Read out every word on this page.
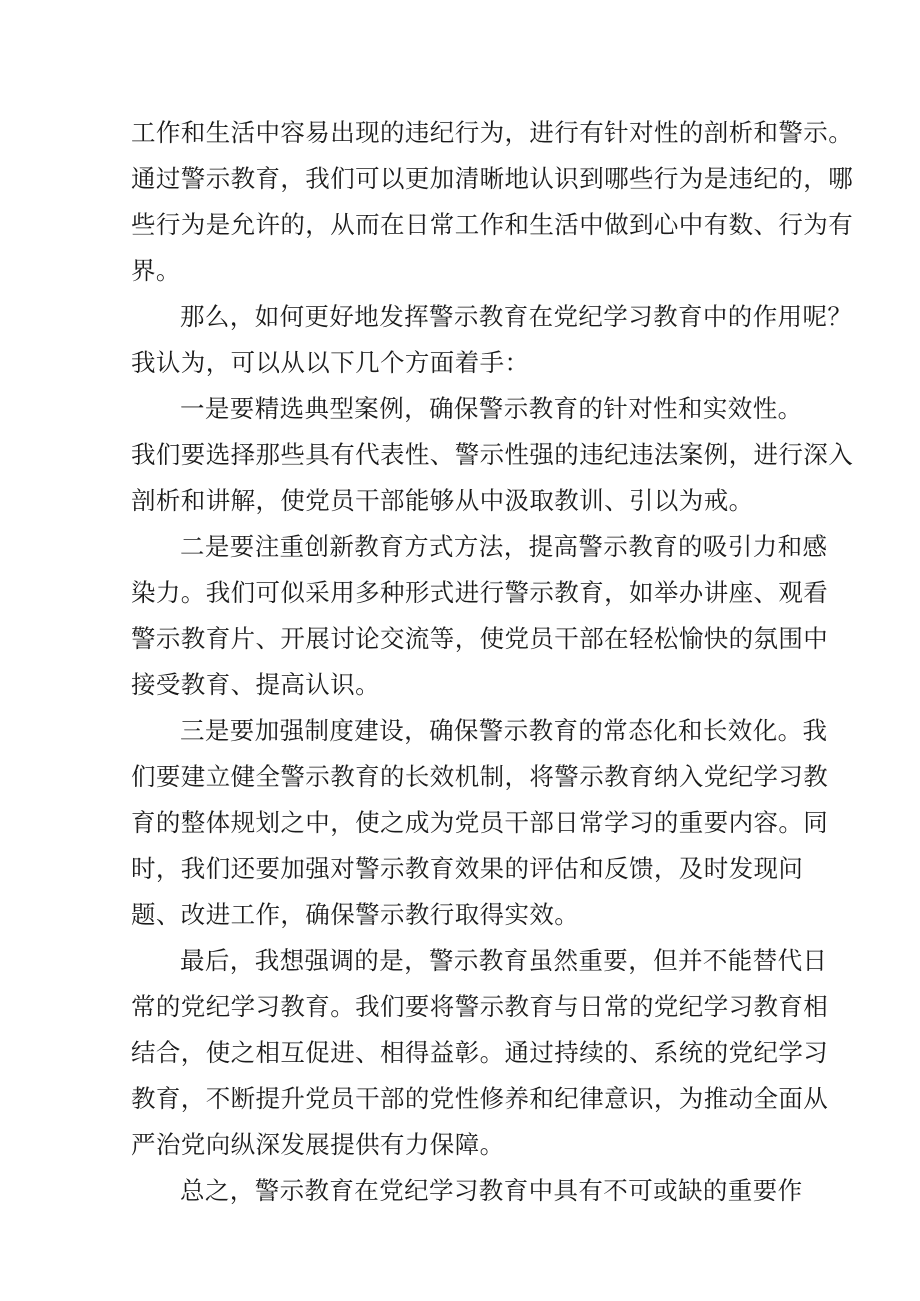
工作和生活中容易出现的违纪行为，进行有针对性的剖析和警示。
通过警示教育，我们可以更加清晰地认识到哪些行为是违纪的，哪
些行为是允许的，从而在日常工作和生活中做到心中有数、行为有
界。
那么，如何更好地发挥警示教育在党纪学习教育中的作用呢？
我认为，可以从以下几个方面着手：
一是要精选典型案例，确保警示教育的针对性和实效性。
我们要选择那些具有代表性、警示性强的违纪违法案例，进行深入
剖析和讲解，使党员干部能够从中汲取教训、引以为戒。
二是要注重创新教育方式方法，提高警示教育的吸引力和感
染力。我们可似采用多种形式进行警示教育，如举办讲座、观看
警示教育片、开展讨论交流等，使党员干部在轻松愉快的氛围中
接受教育、提高认识。
三是要加强制度建设，确保警示教育的常态化和长效化。我
们要建立健全警示教育的长效机制，将警示教育纳入党纪学习教
育的整体规划之中，使之成为党员干部日常学习的重要内容。同
时，我们还要加强对警示教育效果的评估和反馈，及时发现问
题、改进工作，确保警示教行取得实效。
最后，我想强调的是，警示教育虽然重要，但并不能替代日
常的党纪学习教育。我们要将警示教育与日常的党纪学习教育相
结合，使之相互促进、相得益彰。通过持续的、系统的党纪学习
教育，不断提升党员干部的党性修养和纪律意识，为推动全面从
严治党向纵深发展提供有力保障。
总之，警示教育在党纪学习教育中具有不可或缺的重要作
